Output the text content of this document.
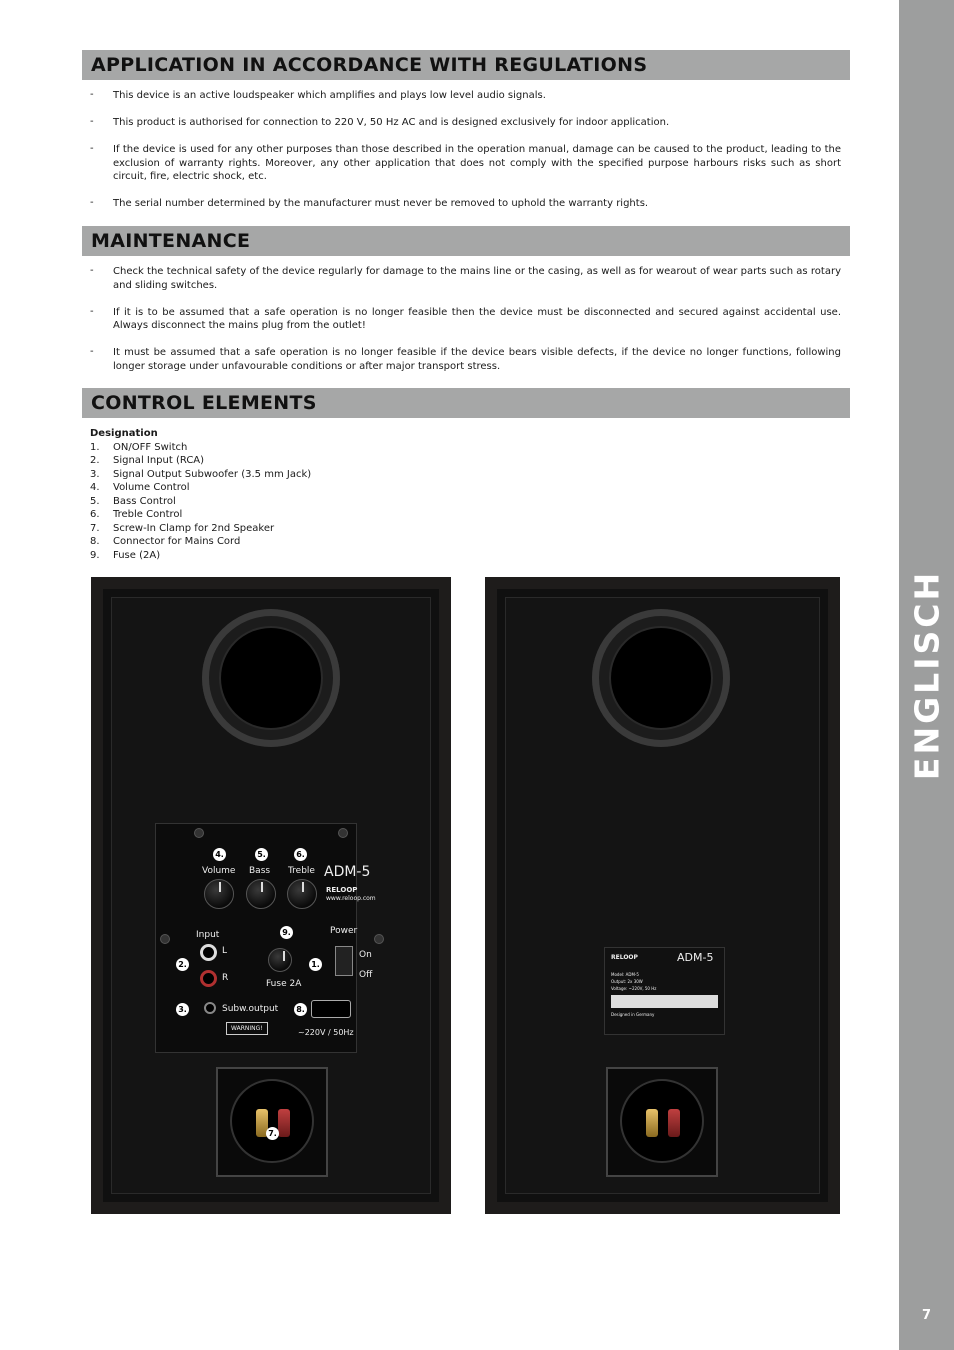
ENGLISCH
7
APPLICATION IN ACCORDANCE WITH REGULATIONS
- This device is an active loudspeaker which amplifies and plays low level audio signals.
- This product is authorised for connection to 220 V, 50 Hz AC and is designed exclusively for indoor application.
- If the device is used for any other purposes than those described in the operation manual, damage can be caused to the product, leading to the exclusion of warranty rights. Moreover, any other application that does not comply with the specified purpose harbours risks such as short circuit, fire, electric shock, etc.
- The serial number determined by the manufacturer must never be removed to uphold the warranty rights.
MAINTENANCE
- Check the technical safety of the device regularly for damage to the mains line or the casing, as well as for wearout of wear parts such as rotary and sliding switches.
- If it is to be assumed that a safe operation is no longer feasible then the device must be disconnected and secured against accidental use. Always disconnect the mains plug from the outlet!
- It must be assumed that a safe operation is no longer feasible if the device bears visible defects, if the device no longer functions, following longer storage under unfavourable conditions or after major transport stress.
CONTROL ELEMENTS
Designation
1.	ON/OFF Switch
2.	Signal Input (RCA)
3.	Signal Output Subwoofer (3.5 mm Jack)
4.	Volume Control
5.	Bass Control
6.	Treble Control
7.	Screw-In Clamp for 2nd Speaker
8.	Connector for Mains Cord
9.	Fuse (2A)
4.	5.	6.
Volume Bass Treble ADM-5
RELOOP
www.reloop.com
9.
Input
L
R
2.
Fuse 2A
1.
Power
On
Off
3.	Subw.output 8.
WARNING!	~220V / 50Hz
7.
RELOOP	ADM-5
Model: ADM-5
Output: 2x 30W
Voltage: ~220V, 50 Hz
Designed in Germany
